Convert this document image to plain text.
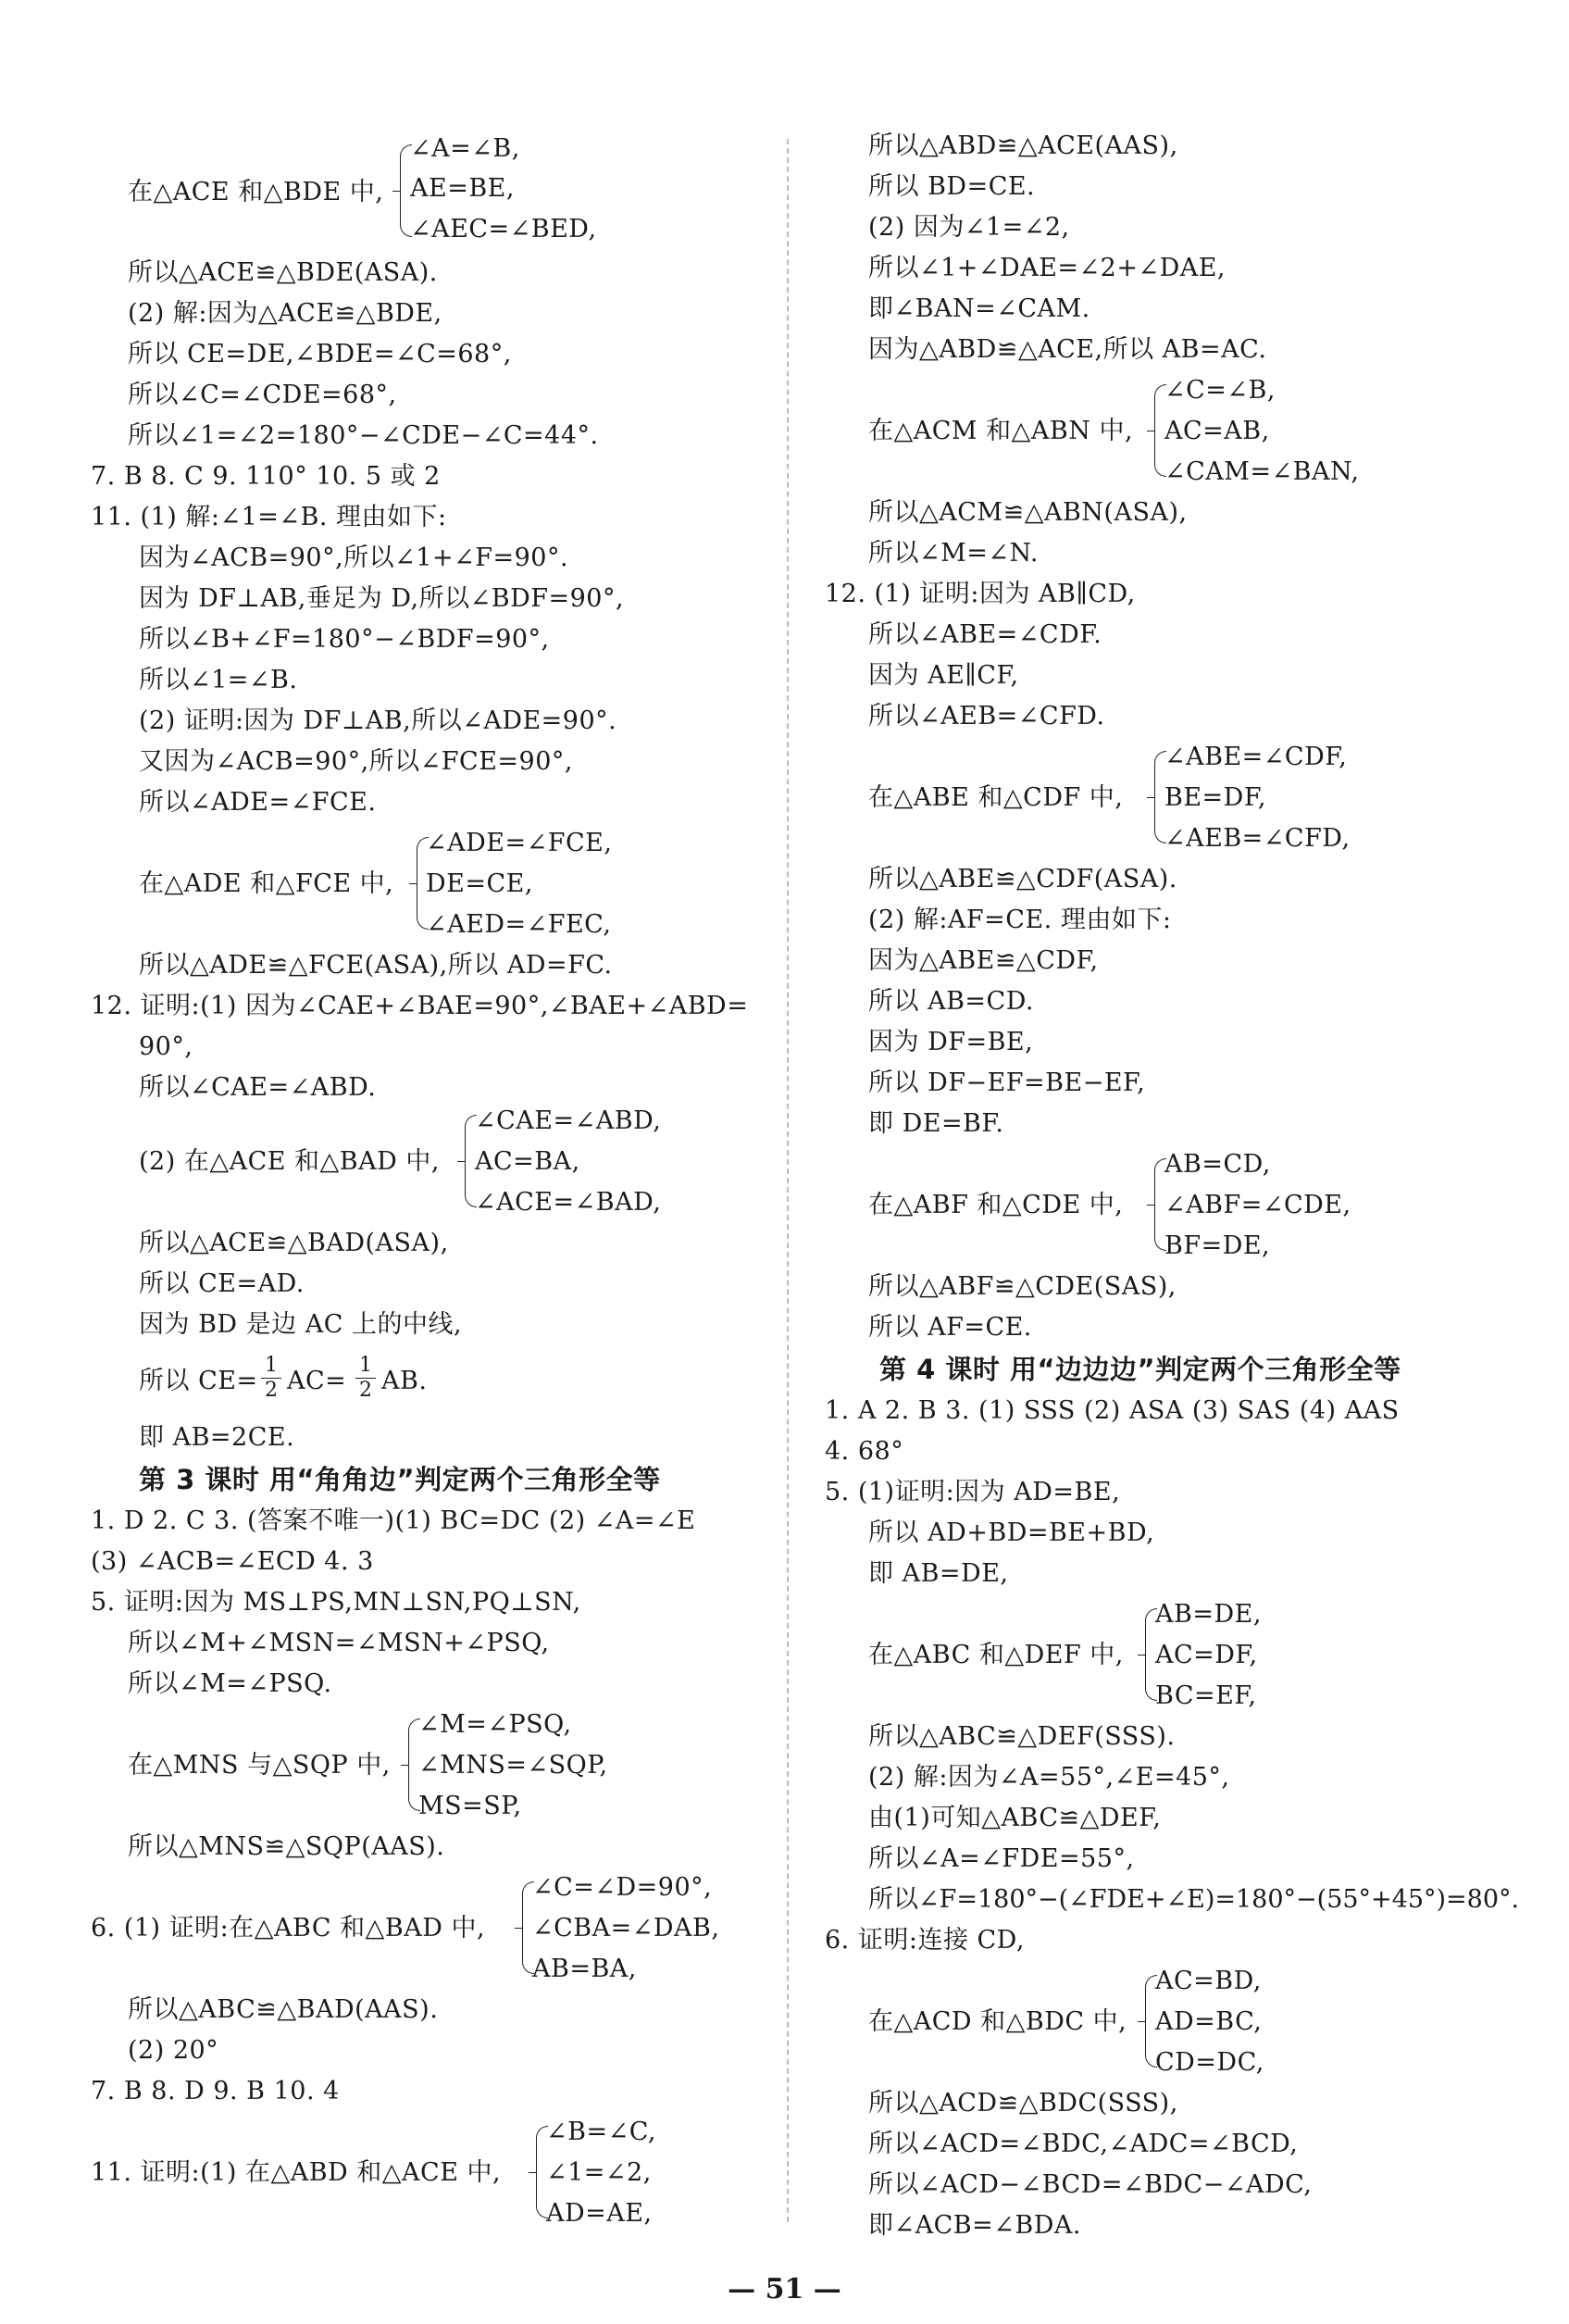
∠A=∠B,
在△ACE 和△BDE 中, AE=BE,
∠AEC=∠BED,
所以△ACE≌△BDE(ASA).
(2) 解:因为△ACE≌△BDE,
所以 CE=DE,∠BDE=∠C=68°,
所以∠C=∠CDE=68°,
所以∠1=∠2=180°−∠CDE−∠C=44°.
7. B 8. C 9. 110° 10. 5 或 2
11. (1) 解:∠1=∠B. 理由如下:
因为∠ACB=90°,所以∠1+∠F=90°.
因为 DF⊥AB,垂足为 D,所以∠BDF=90°,
所以∠B+∠F=180°−∠BDF=90°,
所以∠1=∠B.
(2) 证明:因为 DF⊥AB,所以∠ADE=90°.
又因为∠ACB=90°,所以∠FCE=90°,
所以∠ADE=∠FCE.
∠ADE=∠FCE,
在△ADE 和△FCE 中, DE=CE,
∠AED=∠FEC,
所以△ADE≌△FCE(ASA),所以 AD=FC.
12. 证明:(1) 因为∠CAE+∠BAE=90°,∠BAE+∠ABD=
90°,
所以∠CAE=∠ABD.
∠CAE=∠ABD,
(2) 在△ACE 和△BAD 中, AC=BA,
∠ACE=∠BAD,
所以△ACE≌△BAD(ASA),
所以 CE=AD.
因为 BD 是边 AC 上的中线,
所以 $CE= \frac{1}{2} AC= \frac{1}{2}$ AB.
即 AB=2CE.
第 3 课时 用“角角边”判定两个三角形全等
1. D 2. C 3. (答案不唯一)(1) BC=DC (2) ∠A=∠E
(3) ∠ACB=∠ECD 4. 3
5. 证明:因为 MS⊥PS,MN⊥SN,PQ⊥SN,
所以∠M+∠MSN=∠MSN+∠PSQ,
所以∠M=∠PSQ.
∠M=∠PSQ,
在△MNS 与△SQP 中, ∠MNS=∠SQP,
MS=SP,
所以△MNS≌△SQP(AAS).
∠C=∠D=90°,
6. (1) 证明:在△ABC 和△BAD 中, ∠CBA=∠DAB,
AB=BA,
所以△ABC≌△BAD(AAS).
(2) 20°
7. B 8. D 9. B 10. 4
∠B=∠C,
11. 证明:(1) 在△ABD 和△ACE 中, ∠1=∠2,
AD=AE,
所以△ABD≌△ACE(AAS),
所以 BD=CE.
(2) 因为∠1=∠2,
所以∠1+∠DAE=∠2+∠DAE,
即∠BAN=∠CAM.
因为△ABD≌△ACE,所以 AB=AC.
∠C=∠B,
在△ACM 和△ABN 中, AC=AB,
∠CAM=∠BAN,
所以△ACM≌△ABN(ASA),
所以∠M=∠N.
12. (1) 证明:因为 AB∥CD,
所以∠ABE=∠CDF.
因为 AE∥CF,
所以∠AEB=∠CFD.
∠ABE=∠CDF,
在△ABE 和△CDF 中, BE=DF,
∠AEB=∠CFD,
所以△ABE≌△CDF(ASA).
(2) 解:AF=CE. 理由如下:
因为△ABE≌△CDF,
所以 AB=CD.
因为 DF=BE,
所以 DF−EF=BE−EF,
即 DE=BF.
AB=CD,
在△ABF 和△CDE 中, ∠ABF=∠CDE,
BF=DE,
所以△ABF≌△CDE(SAS),
所以 AF=CE.
第 4 课时 用“边边边”判定两个三角形全等
1. A 2. B 3. (1) SSS (2) ASA (3) SAS (4) AAS
4. 68°
5. (1)证明:因为 AD=BE,
所以 AD+BD=BE+BD,
即 AB=DE,
AB=DE,
在△ABC 和△DEF 中, AC=DF,
BC=EF,
所以△ABC≌△DEF(SSS).
(2) 解:因为∠A=55°,∠E=45°,
由(1)可知△ABC≌△DEF,
所以∠A=∠FDE=55°,
所以∠F=180°−(∠FDE+∠E)=180°−(55°+45°)=80°.
6. 证明:连接 CD,
AC=BD,
在△ACD 和△BDC 中, AD=BC,
CD=DC,
所以△ACD≌△BDC(SSS),
所以∠ACD=∠BDC,∠ADC=∠BCD,
所以∠ACD−∠BCD=∠BDC−∠ADC,
即∠ACB=∠BDA.
— 51 —
